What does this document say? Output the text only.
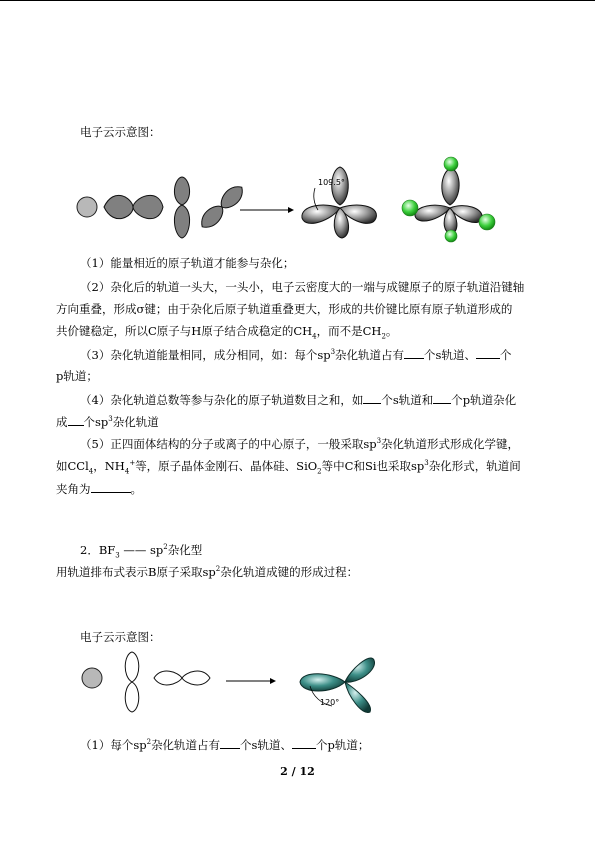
电子云示意图：
109.5°
（1）能量相近的原子轨道才能参与杂化；
（2）杂化后的轨道一头大，一头小，电子云密度大的一端与成键原子的原子轨道沿键轴
方向重叠，形成σ键；由于杂化后原子轨道重叠更大，形成的共价键比原有原子轨道形成的
共价键稳定，所以C原子与H原子结合成稳定的$CH_4$，而不是$CH_2$。
（3）杂化轨道能量相同，成分相同，如：每个$sp^3$杂化轨道占有 个s轨道、 个
p轨道；
（4）杂化轨道总数等参与杂化的原子轨道数目之和，如 个s轨道和 个p轨道杂化
成 个$sp^3$杂化轨道
（5）正四面体结构的分子或离子的中心原子，一般采取$sp^3$杂化轨道形式形成化学键，
如CCl$_4$，$NH_4^+$等，原子晶体金刚石、晶体硅、SiO$_2$等中C和Si也采取$sp^3$杂化形式，轨道间
夹角为	。
2．$BF_3$ —— $sp^2$杂化型
用轨道排布式表示B原子采取$sp^2$杂化轨道成键的形成过程：
电子云示意图：
120°
（1）每个$sp^2$杂化轨道占有 个s轨道、 个p轨道；
2 / 12
